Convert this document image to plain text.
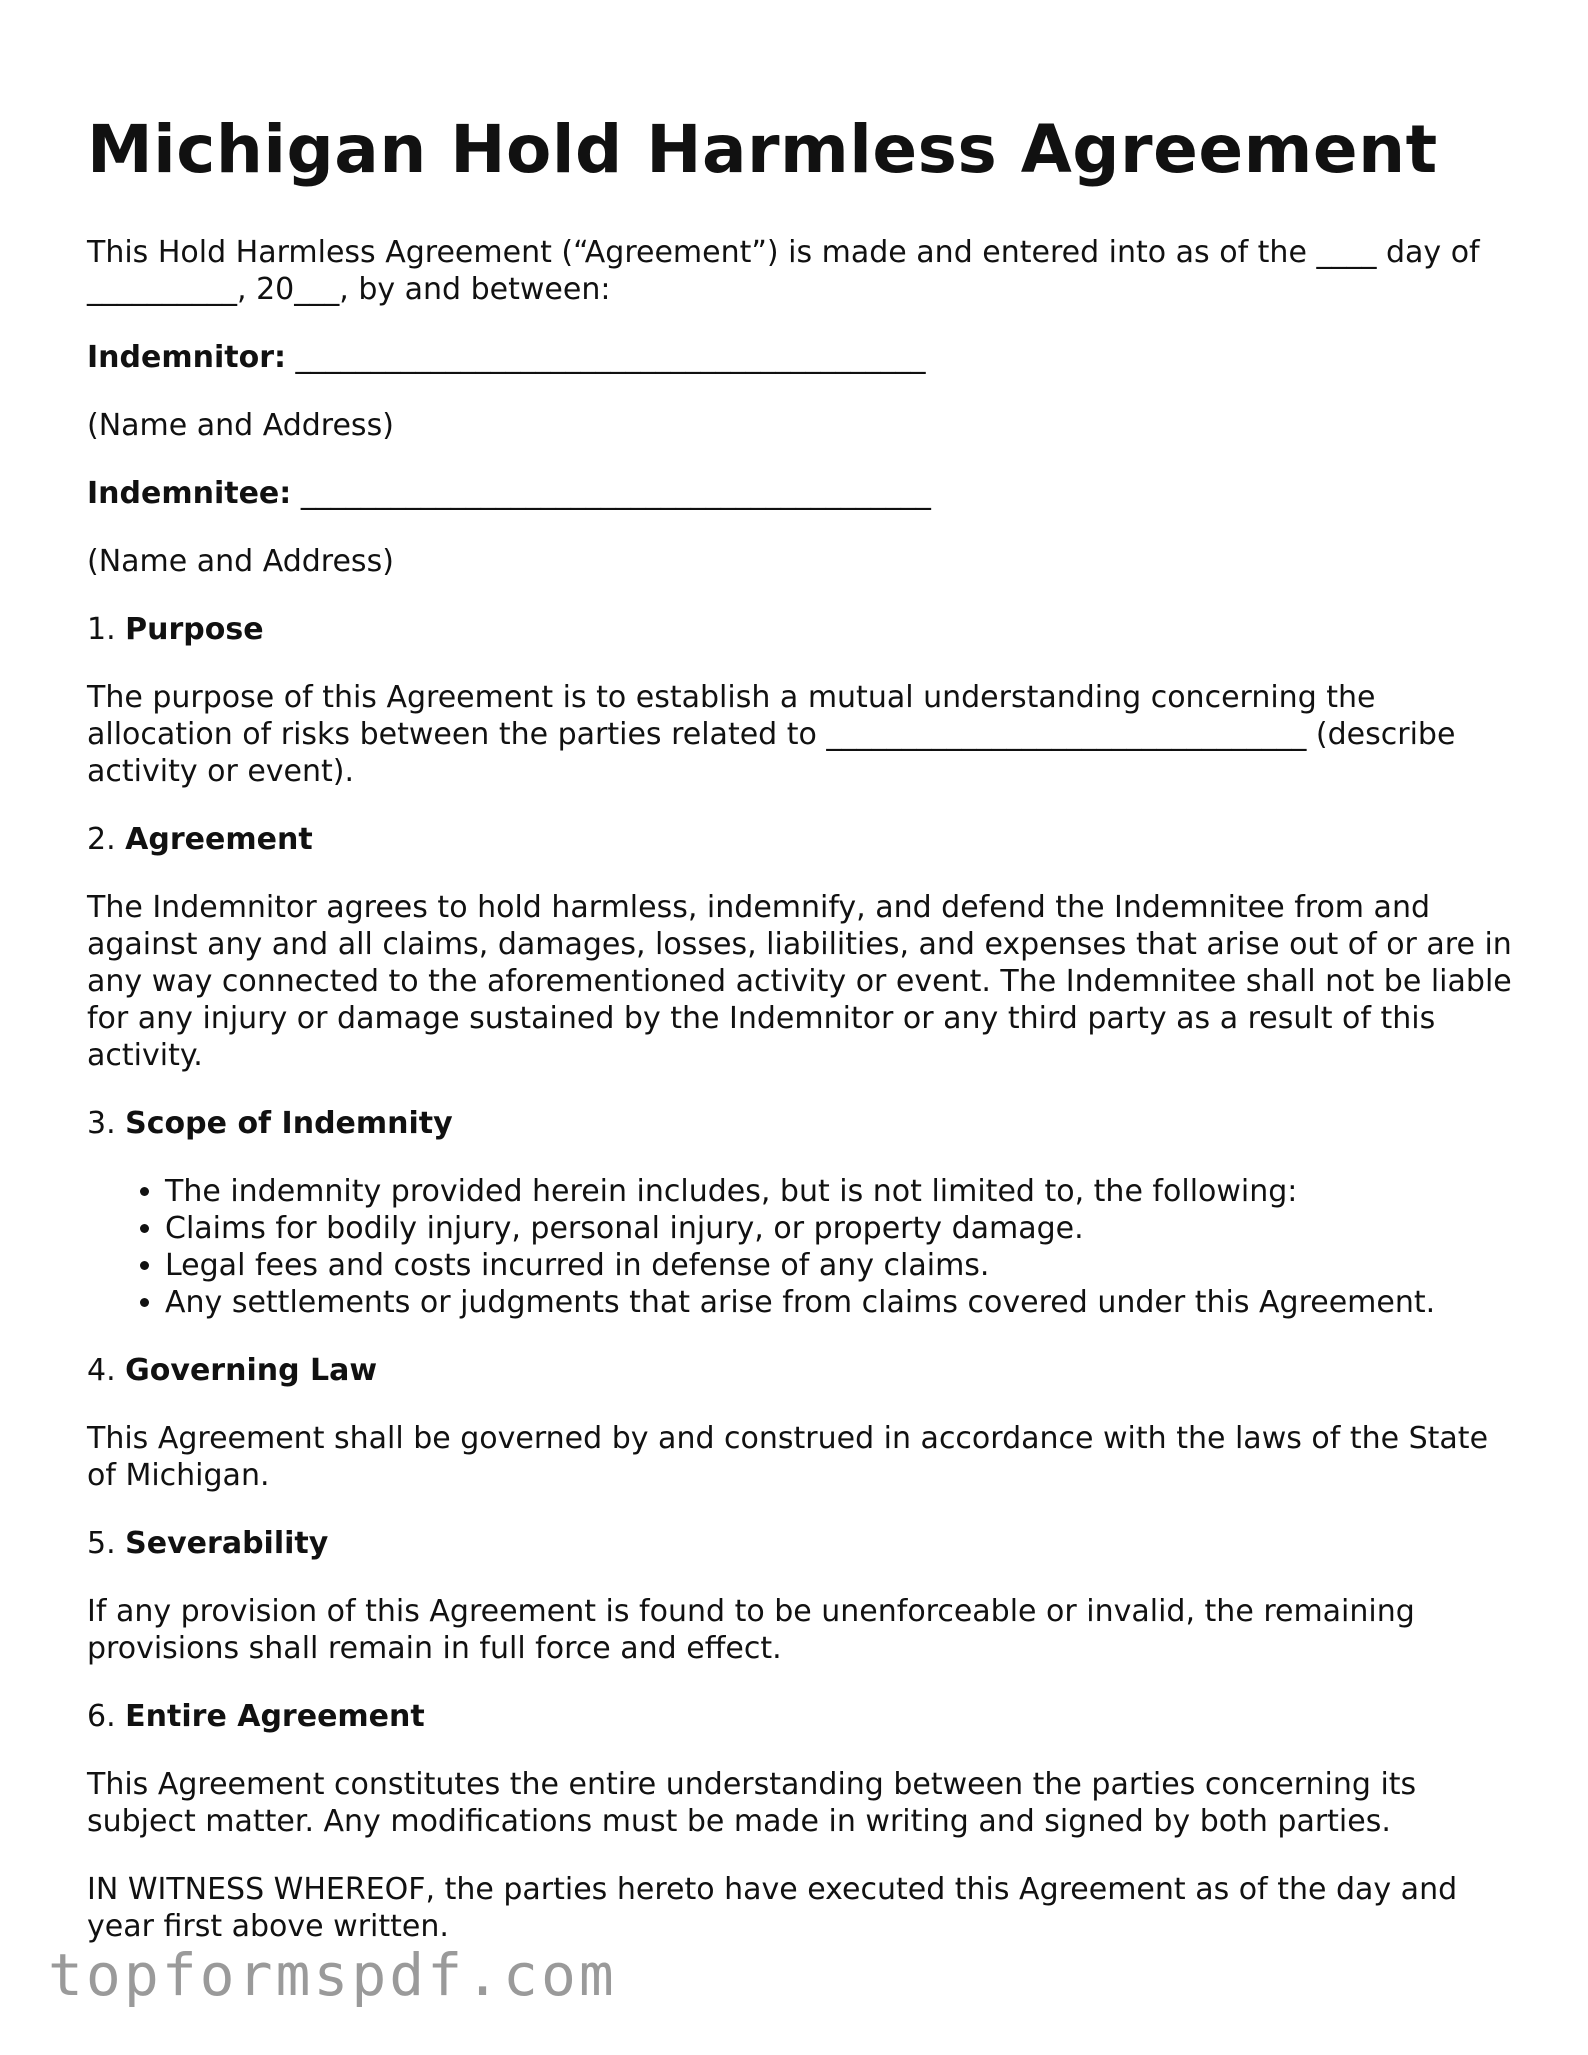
Michigan Hold Harmless Agreement

This Hold Harmless Agreement (“Agreement”) is made and entered into as of the ____ day of __________, 20___, by and between:

Indemnitor: __________________________________________

(Name and Address)

Indemnitee: __________________________________________

(Name and Address)

1. Purpose

The purpose of this Agreement is to establish a mutual understanding concerning the allocation of risks between the parties related to ________________________________ (describe activity or event).

2. Agreement

The Indemnitor agrees to hold harmless, indemnify, and defend the Indemnitee from and against any and all claims, damages, losses, liabilities, and expenses that arise out of or are in any way connected to the aforementioned activity or event. The Indemnitee shall not be liable for any injury or damage sustained by the Indemnitor or any third party as a result of this activity.

3. Scope of Indemnity
• The indemnity provided herein includes, but is not limited to, the following:
• Claims for bodily injury, personal injury, or property damage.
• Legal fees and costs incurred in defense of any claims.
• Any settlements or judgments that arise from claims covered under this Agreement.
4. Governing Law

This Agreement shall be governed by and construed in accordance with the laws of the State of Michigan.

5. Severability

If any provision of this Agreement is found to be unenforceable or invalid, the remaining provisions shall remain in full force and effect.

6. Entire Agreement

This Agreement constitutes the entire understanding between the parties concerning its subject matter. Any modifications must be made in writing and signed by both parties.

IN WITNESS WHEREOF, the parties hereto have executed this Agreement as of the day and year first above written.

topformspdf.com
